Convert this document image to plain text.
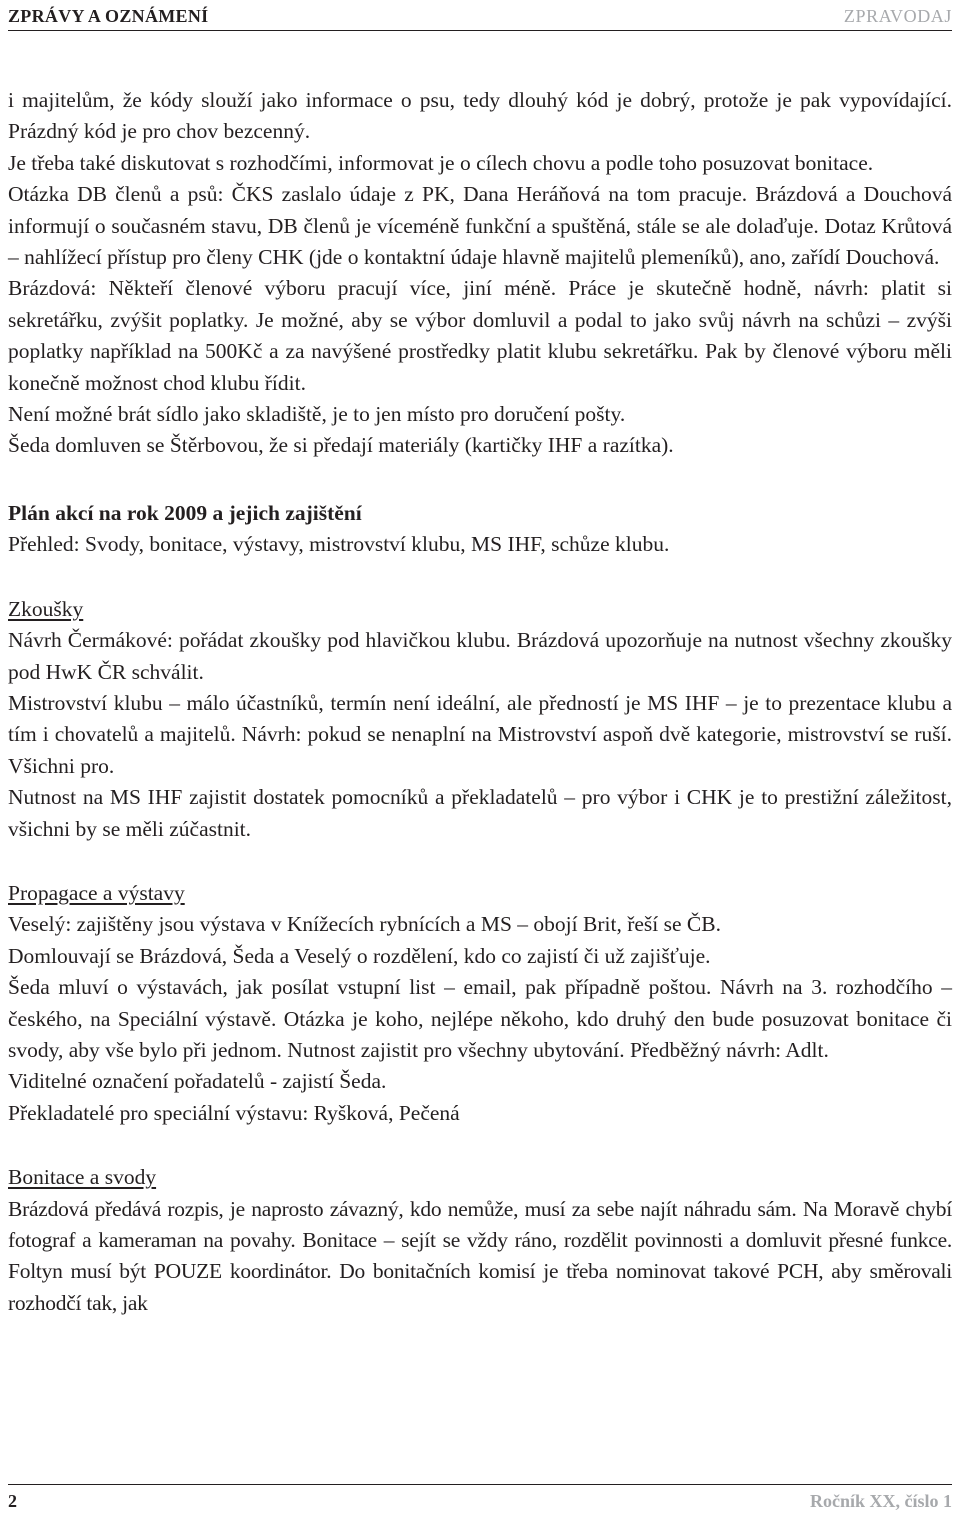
ZPRÁVY A OZNÁMENÍ	ZPRAVODAJ

i majitelům, že kódy slouží jako informace o psu, tedy dlouhý kód je dobrý, protože je pak vypovídající. Prázdný kód je pro chov bezcenný.

Je třeba také diskutovat s rozhodčími, informovat je o cílech chovu a podle toho posuzovat bonitace.

Otázka DB členů a psů: ČKS zaslalo údaje z PK, Dana Heráňová na tom pracuje. Brázdová a Douchová informují o současném stavu, DB členů je víceméně funkční a spuštěná, stále se ale dolaďuje. Dotaz Krůtová – nahlížecí přístup pro členy CHK (jde o kontaktní údaje hlavně majitelů plemeníků), ano, zařídí Douchová.

Brázdová: Někteří členové výboru pracují více, jiní méně. Práce je skutečně hodně, návrh: platit si sekretářku, zvýšit poplatky. Je možné, aby se výbor domluvil a podal to jako svůj návrh na schůzi – zvýši poplatky například na 500Kč a za navýšené prostředky platit klubu sekretářku. Pak by členové výboru měli konečně možnost chod klubu řídit.

Není možné brát sídlo jako skladiště, je to jen místo pro doručení pošty.

Šeda domluven se Štěrbovou, že si předají materiály (kartičky IHF a razítka).

Plán akcí na rok 2009 a jejich zajištění

Přehled: Svody, bonitace, výstavy, mistrovství klubu, MS IHF, schůze klubu.

Zkoušky

Návrh Čermákové: pořádat zkoušky pod hlavičkou klubu. Brázdová upozorňuje na nutnost všechny zkoušky pod HwK ČR schválit.

Mistrovství klubu – málo účastníků, termín není ideální, ale předností je MS IHF – je to prezentace klubu a tím i chovatelů a majitelů. Návrh: pokud se nenaplní na Mistrovství aspoň dvě kategorie, mistrovství se ruší. Všichni pro.

Nutnost na MS IHF zajistit dostatek pomocníků a překladatelů – pro výbor i CHK je to prestižní záležitost, všichni by se měli zúčastnit.

Propagace a výstavy

Veselý: zajištěny jsou výstava v Knížecích rybnících a MS – obojí Brit, řeší se ČB.

Domlouvají se Brázdová, Šeda a Veselý o rozdělení, kdo co zajistí či už zajišťuje.

Šeda mluví o výstavách, jak posílat vstupní list – email, pak případně poštou. Návrh na 3. rozhodčího – českého, na Speciální výstavě. Otázka je koho, nejlépe někoho, kdo druhý den bude posuzovat bonitace či svody, aby vše bylo při jednom. Nutnost zajistit pro všechny ubytování. Předběžný návrh: Adlt.

Viditelné označení pořadatelů - zajistí Šeda.

Překladatelé pro speciální výstavu: Ryšková, Pečená

Bonitace a svody

Brázdová předává rozpis, je naprosto závazný, kdo nemůže, musí za sebe najít náhradu sám. Na Moravě chybí fotograf a kameraman na povahy. Bonitace – sejít se vždy ráno, rozdělit povinnosti a domluvit přesné funkce. Foltyn musí být POUZE koordinátor. Do bonitačních komisí je třeba nominovat takové PCH, aby směrovali rozhodčí tak, jak

2	Ročník XX, číslo 1
